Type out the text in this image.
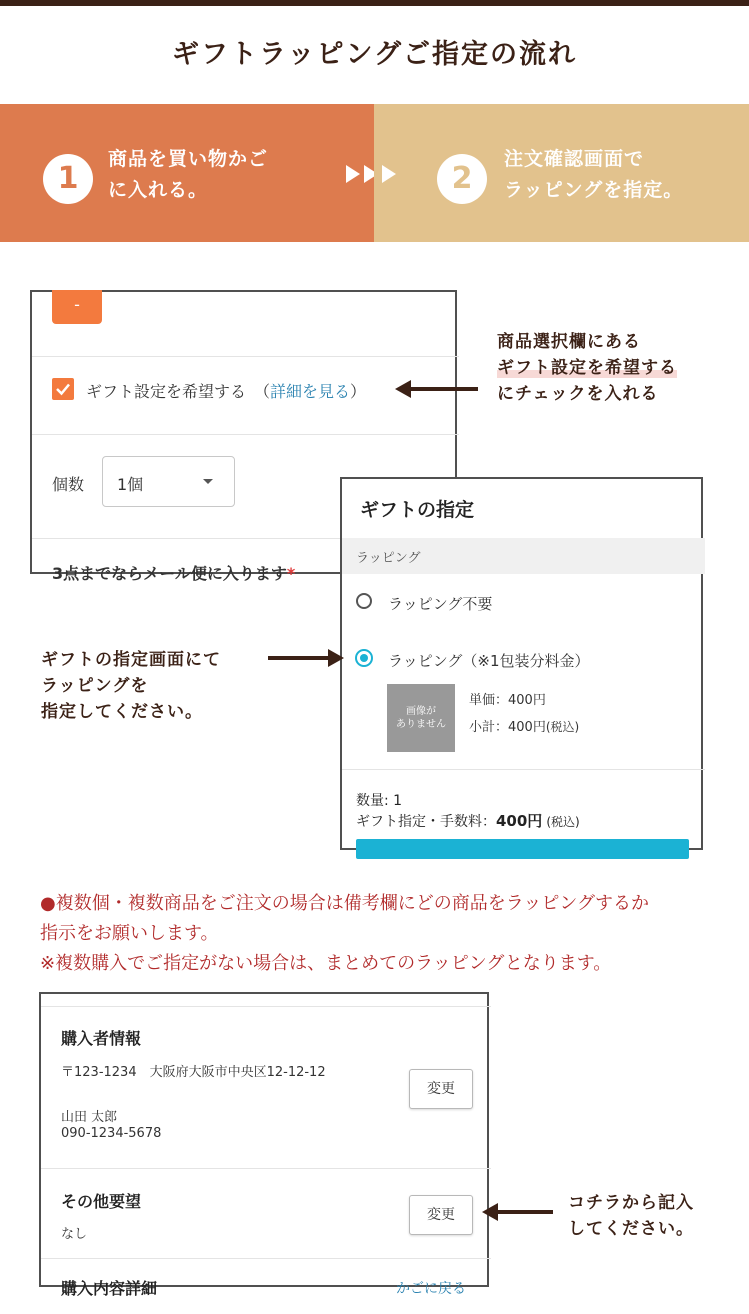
ギフトラッピングご指定の流れ
1
商品を買い物かご
に入れる。	2
注文確認画面で
ラッピングを指定。
-
ギフト設定を希望する （詳細を見る）
個数 1個
3点までならメール便に入ります*
商品選択欄にある
ギフト設定を希望する
にチェックを入れる
ギフトの指定
ラッピング
ラッピング不要
ラッピング（※1包装分料金）
画像が
ありません
単価：400円
小計：400円(税込)
数量: 1
ギフト指定・手数料：400円 (税込)
ギフトの指定画面にて
ラッピングを
指定してください。
●複数個・複数商品をご注文の場合は備考欄にどの商品をラッピングするか
指示をお願いします。
※複数購入でご指定がない場合は、まとめてのラッピングとなります。
購入者情報
〒123-1234　大阪府大阪市中央区12-12-12
山田 太郎
090-1234-5678
変更
その他要望
なし
変更
購入内容詳細	かごに戻る
コチラから記入
してください。
